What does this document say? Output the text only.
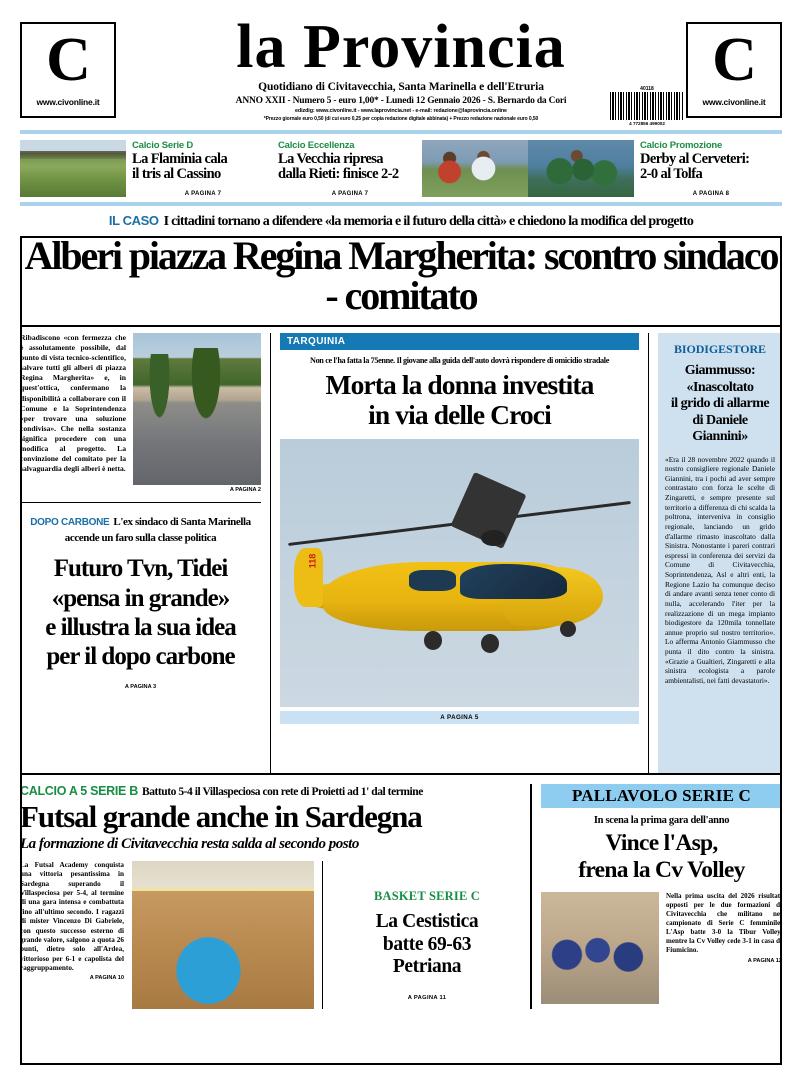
C
www.civonline.it
la Provincia
Quotidiano di Civitavecchia, Santa Marinella e dell'Etruria
ANNO XXII - Numero 5 - euro 1,00* - Lunedì 12 Gennaio 2026 - S. Bernardo da Cori
edizdig: www.civonline.it - www.laprovincia.net - e-mail: redazione@laprovincia.online
*Prezzo giornale euro 0,50 (di cui euro 0,25 per copia redazione digitale abbinata) + Prezzo redazione nazionale euro 0,50
40118
4 772856 499002
C
www.civonline.it
Calcio Serie D
La Flaminia cala
il tris al Cassino
A PAGINA 7
Calcio Eccellenza
La Vecchia ripresa
dalla Rieti: finisce 2-2
A PAGINA 7
Calcio Promozione
Derby al Cerveteri:
2-0 al Tolfa
A PAGINA 8
IL CASO I cittadini tornano a difendere «la memoria e il futuro della città» e chiedono la modifica del progetto
Alberi piazza Regina Margherita: scontro sindaco - comitato
Ribadiscono «con fermezza che è assolutamente possibile, dal punto di vista tecnico-scientifico, salvare tutti gli alberi di piazza Regina Margherita» e, in quest'ottica, confermano la disponibilità a collaborare con il Comune e la Soprintendenza «per trovare una soluzione condivisa». Che nella sostanza significa procedere con una modifica al progetto. La convinzione del comitato per la salvaguardia degli alberi è netta.
A PAGINA 2
DOPO CARBONE L'ex sindaco di Santa Marinella
accende un faro sulla classe politica
Futuro Tvn, Tidei
«pensa in grande»
e illustra la sua idea
per il dopo carbone
A PAGINA 3
TARQUINIA
Non ce l'ha fatta la 75enne. Il giovane alla guida dell'auto dovrà rispondere di omicidio stradale
Morta la donna investita
in via delle Croci
118
A PAGINA 5
BIODIGESTORE
Giammusso:
«Inascoltato
il grido di allarme
di Daniele Giannini»
«Era il 28 novembre 2022 quando il nostro consigliere regionale Daniele Giannini, tra i pochi ad aver sempre contrastato con forza le scelte di Zingaretti, e sempre presente sul territorio a differenza di chi scalda la poltrona, interveniva in consiglio regionale, lanciando un grido d'allarme rimasto inascoltato dalla Sinistra. Nonostante i pareri contrari espressi in conferenza dei servizi da Comune di Civitavecchia, Soprintendenza, Asl e altri enti, la Regione Lazio ha comunque deciso di andare avanti senza tener conto di nulla, accelerando l'iter per la realizzazione di un mega impianto biodigestore da 120mila tonnellate annue proprio sul nostro territorio». Lo afferma Antonio Giammusso che punta il dito contro la sinistra. «Grazie a Gualtieri, Zingaretti e alla sinistra ecologista a parole ambientalisti, nei fatti devastatori».
CALCIO A 5 SERIE B Battuto 5-4 il Villaspeciosa con rete di Proietti ad 1' dal termine
Futsal grande anche in Sardegna
La formazione di Civitavecchia resta salda al secondo posto
La Futsal Academy conquista una vittoria pesantissima in Sardegna superando il Villaspeciosa per 5-4, al termine di una gara intensa e combattuta fino all'ultimo secondo. I ragazzi di mister Vincenzo Di Gabriele, con questo successo esterno di grande valore, salgono a quota 26 punti, dietro solo all'Ardea, vittorioso per 6-1 e capolista del raggruppamento.
A PAGINA 10
BASKET SERIE C
La Cestistica
batte 69-63
Petriana
A PAGINA 11
PALLAVOLO SERIE C
In scena la prima gara dell'anno
Vince l'Asp,
frena la Cv Volley
Nella prima uscita del 2026 risultati opposti per le due formazioni di Civitavecchia che militano nel campionato di Serie C femminile. L'Asp batte 3-0 la Tibur Volley, mentre la Cv Volley cede 3-1 in casa di Fiumicino.
A PAGINA 12
